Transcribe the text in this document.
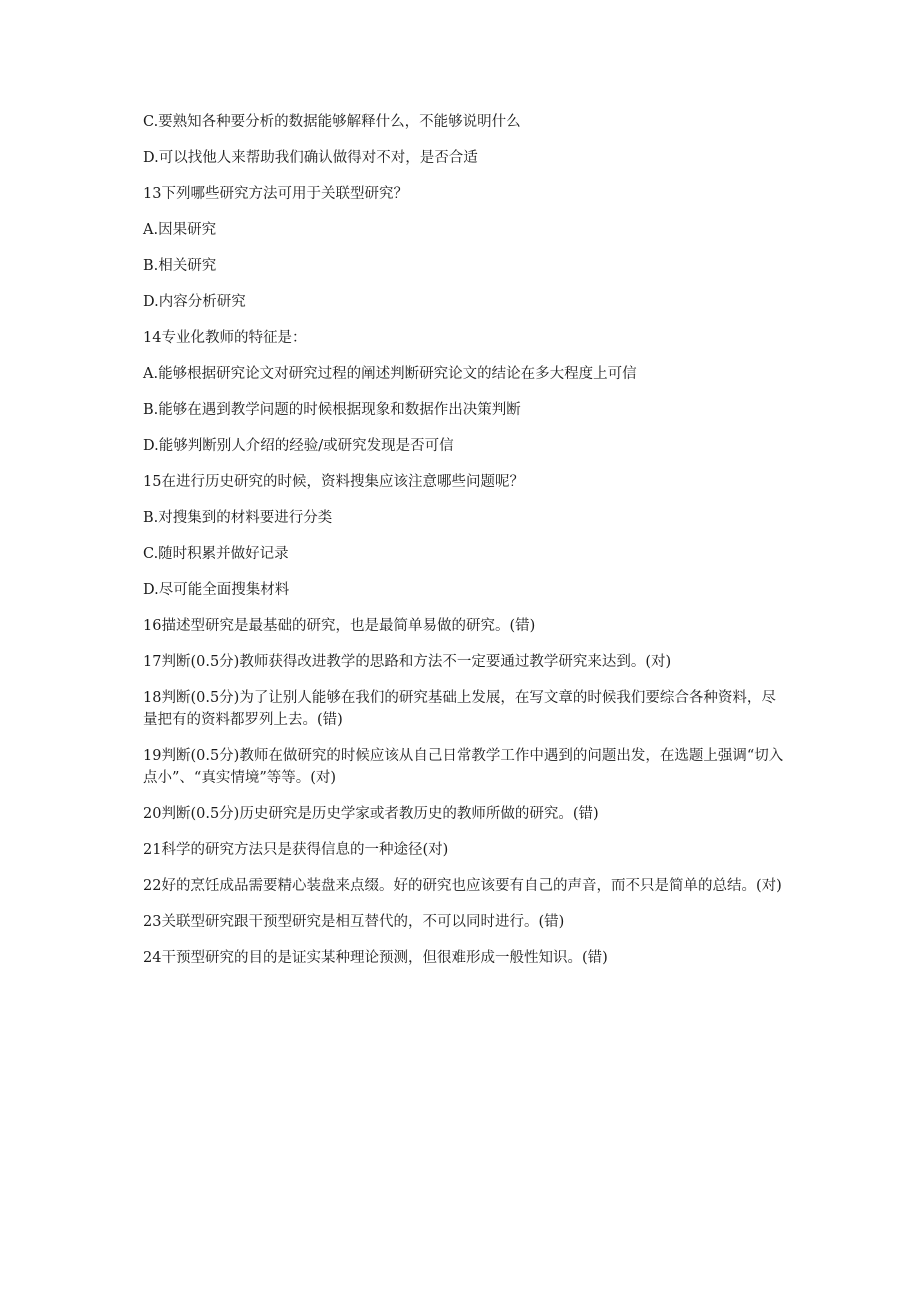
C.要熟知各种要分析的数据能够解释什么，不能够说明什么

D.可以找他人来帮助我们确认做得对不对，是否合适

13下列哪些研究方法可用于关联型研究？

A.因果研究

B.相关研究

D.内容分析研究

14专业化教师的特征是：

A.能够根据研究论文对研究过程的阐述判断研究论文的结论在多大程度上可信

B.能够在遇到教学问题的时候根据现象和数据作出决策判断

D.能够判断别人介绍的经验/或研究发现是否可信

15在进行历史研究的时候，资料搜集应该注意哪些问题呢？

B.对搜集到的材料要进行分类

C.随时积累并做好记录

D.尽可能全面搜集材料

16描述型研究是最基础的研究，也是最简单易做的研究。(错)

17判断(0.5分)教师获得改进教学的思路和方法不一定要通过教学研究来达到。(对)

18判断(0.5分)为了让别人能够在我们的研究基础上发展，在写文章的时候我们要综合各种资料，尽量把有的资料都罗列上去。(错)

19判断(0.5分)教师在做研究的时候应该从自己日常教学工作中遇到的问题出发，在选题上强调“切入点小”、“真实情境”等等。(对)

20判断(0.5分)历史研究是历史学家或者教历史的教师所做的研究。(错)

21科学的研究方法只是获得信息的一种途径(对)

22好的烹饪成品需要精心装盘来点缀。好的研究也应该要有自己的声音，而不只是简单的总结。(对)

23关联型研究跟干预型研究是相互替代的，不可以同时进行。(错)

24干预型研究的目的是证实某种理论预测，但很难形成一般性知识。(错)
